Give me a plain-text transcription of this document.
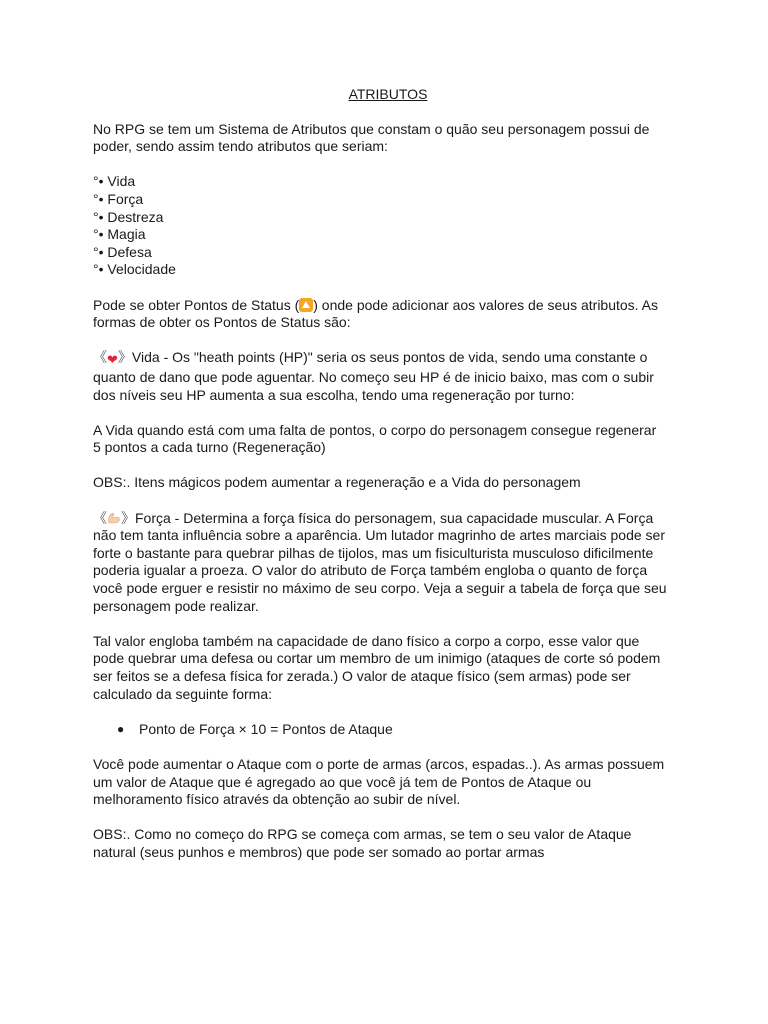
ATRIBUTOS
No RPG se tem um Sistema de Atributos que constam o quão seu personagem possui de
poder, sendo assim tendo atributos que seriam:
°• Vida
°• Força
°• Destreza
°• Magia
°• Defesa
°• Velocidade
Pode se obter Pontos de Status ( ) onde pode adicionar aos valores de seus atributos. As
formas de obter os Pontos de Status são:
《❤》Vida - Os "heath points (HP)" seria os seus pontos de vida, sendo uma constante o
quanto de dano que pode aguentar. No começo seu HP é de inicio baixo, mas com o subir
dos níveis seu HP aumenta a sua escolha, tendo uma regeneração por turno:
A Vida quando está com uma falta de pontos, o corpo do personagem consegue regenerar
5 pontos a cada turno (Regeneração)
OBS:. Itens mágicos podem aumentar a regeneração e a Vida do personagem
《 》Força - Determina a força física do personagem, sua capacidade muscular. A Força
não tem tanta influência sobre a aparência. Um lutador magrinho de artes marciais pode ser
forte o bastante para quebrar pilhas de tijolos, mas um fisiculturista musculoso dificilmente
poderia igualar a proeza. O valor do atributo de Força também engloba o quanto de força
você pode erguer e resistir no máximo de seu corpo. Veja a seguir a tabela de força que seu
personagem pode realizar.
Tal valor engloba também na capacidade de dano físico a corpo a corpo, esse valor que
pode quebrar uma defesa ou cortar um membro de um inimigo (ataques de corte só podem
ser feitos se a defesa física for zerada.) O valor de ataque físico (sem armas) pode ser
calculado da seguinte forma:
●	Ponto de Força × 10 = Pontos de Ataque
Você pode aumentar o Ataque com o porte de armas (arcos, espadas..). As armas possuem
um valor de Ataque que é agregado ao que você já tem de Pontos de Ataque ou
melhoramento físico através da obtenção ao subir de nível.
OBS:. Como no começo do RPG se começa com armas, se tem o seu valor de Ataque
natural (seus punhos e membros) que pode ser somado ao portar armas
